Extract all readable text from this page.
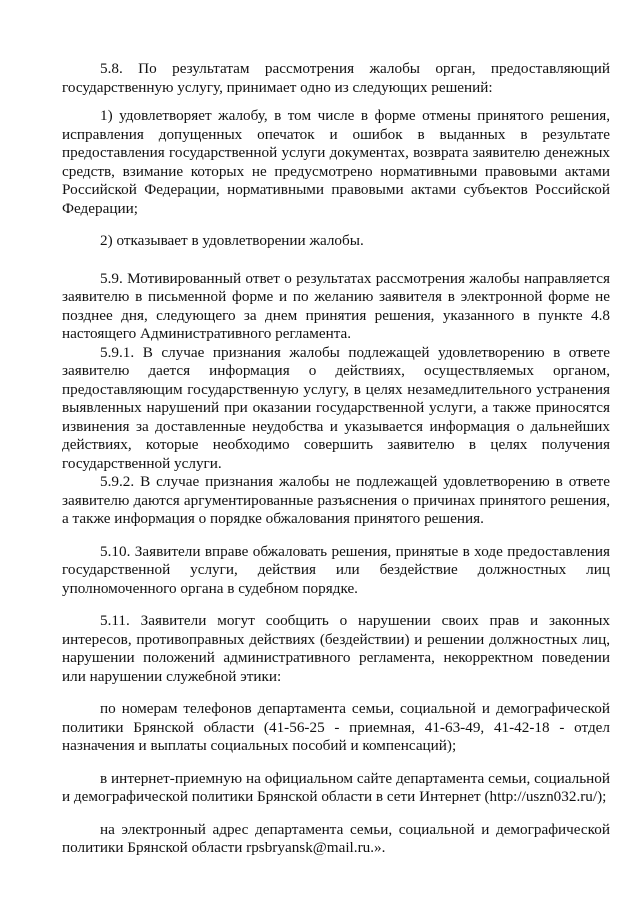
5.8. По результатам рассмотрения жалобы орган, предоставляющий государственную услугу, принимает одно из следующих решений:

1) удовлетворяет жалобу, в том числе в форме отмены принятого решения, исправления допущенных опечаток и ошибок в выданных в результате предоставления государственной услуги документах, возврата заявителю денежных средств, взимание которых не предусмотрено нормативными правовыми актами Российской Федерации, нормативными правовыми актами субъектов Российской Федерации;

2) отказывает в удовлетворении жалобы.

5.9. Мотивированный ответ о результатах рассмотрения жалобы направляется заявителю в письменной форме и по желанию заявителя в электронной форме не позднее дня, следующего за днем принятия решения, указанного в пункте 4.8 настоящего Административного регламента.

5.9.1. В случае признания жалобы подлежащей удовлетворению в ответе заявителю дается информация о действиях, осуществляемых органом, предоставляющим государственную услугу, в целях незамедлительного устранения выявленных нарушений при оказании государственной услуги, а также приносятся извинения за доставленные неудобства и указывается информация о дальнейших действиях, которые необходимо совершить заявителю в целях получения государственной услуги.

5.9.2. В случае признания жалобы не подлежащей удовлетворению в ответе заявителю даются аргументированные разъяснения о причинах принятого решения, а также информация о порядке обжалования принятого решения.

5.10. Заявители вправе обжаловать решения, принятые в ходе предоставления государственной услуги, действия или бездействие должностных лиц уполномоченного органа в судебном порядке.

5.11. Заявители могут сообщить о нарушении своих прав и законных интересов, противоправных действиях (бездействии) и решении должностных лиц, нарушении положений административного регламента, некорректном поведении или нарушении служебной этики:

по номерам телефонов департамента семьи, социальной и демографической политики Брянской области (41-56-25 - приемная, 41-63-49, 41-42-18 - отдел назначения и выплаты социальных пособий и компенсаций);

в интернет-приемную на официальном сайте департамента семьи, социальной и демографической политики Брянской области в сети Интернет (http://uszn032.ru/);

на электронный адрес департамента семьи, социальной и демографической политики Брянской области rpsbryansk@mail.ru.».
